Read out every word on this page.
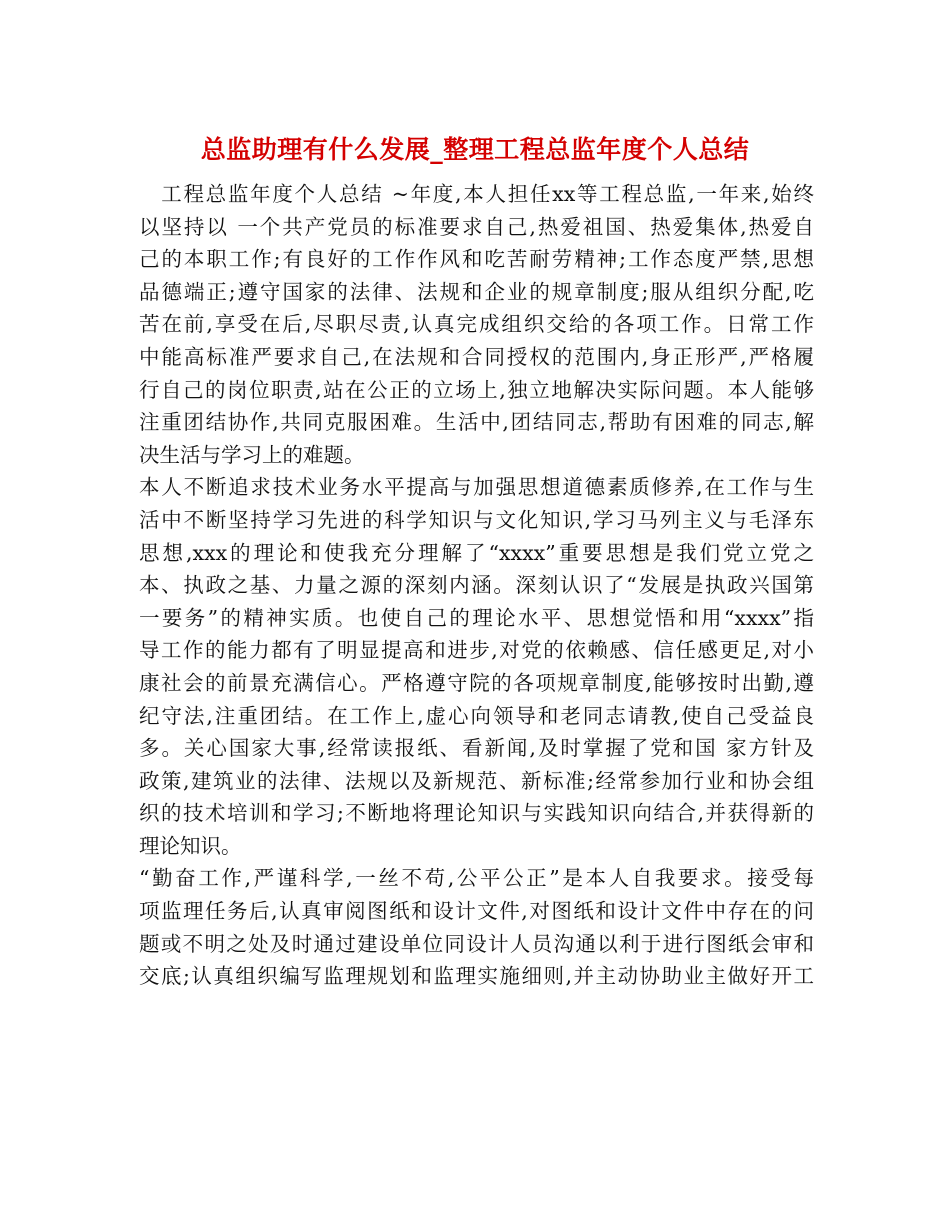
总监助理有什么发展_整理工程总监年度个人总结
　工程总监年度个人总结 ~年度,本人担任xx等工程总监,一年来,始终
以坚持以 一个共产党员的标准要求自己,热爱祖国、热爱集体,热爱自
己的本职工作;有良好的工作作风和吃苦耐劳精神;工作态度严禁,思想
品德端正;遵守国家的法律、法规和企业的规章制度;服从组织分配,吃
苦在前,享受在后,尽职尽责,认真完成组织交给的各项工作。日常工作
中能高标准严要求自己,在法规和合同授权的范围内,身正形严,严格履
行自己的岗位职责,站在公正的立场上,独立地解决实际问题。本人能够
注重团结协作,共同克服困难。生活中,团结同志,帮助有困难的同志,解
决生活与学习上的难题。
本人不断追求技术业务水平提高与加强思想道德素质修养,在工作与生
活中不断坚持学习先进的科学知识与文化知识,学习马列主义与毛泽东
思想,xxx的理论和使我充分理解了“xxxx”重要思想是我们党立党之
本、执政之基、力量之源的深刻内涵。深刻认识了“发展是执政兴国第
一要务”的精神实质。也使自己的理论水平、思想觉悟和用“xxxx”指
导工作的能力都有了明显提高和进步,对党的依赖感、信任感更足,对小
康社会的前景充满信心。严格遵守院的各项规章制度,能够按时出勤,遵
纪守法,注重团结。在工作上,虚心向领导和老同志请教,使自己受益良
多。关心国家大事,经常读报纸、看新闻,及时掌握了党和国 家方针及
政策,建筑业的法律、法规以及新规范、新标准;经常参加行业和协会组
织的技术培训和学习;不断地将理论知识与实践知识向结合,并获得新的
理论知识。
“勤奋工作,严谨科学,一丝不苟,公平公正”是本人自我要求。接受每
项监理任务后,认真审阅图纸和设计文件,对图纸和设计文件中存在的问
题或不明之处及时通过建设单位同设计人员沟通以利于进行图纸会审和
交底;认真组织编写监理规划和监理实施细则,并主动协助业主做好开工
